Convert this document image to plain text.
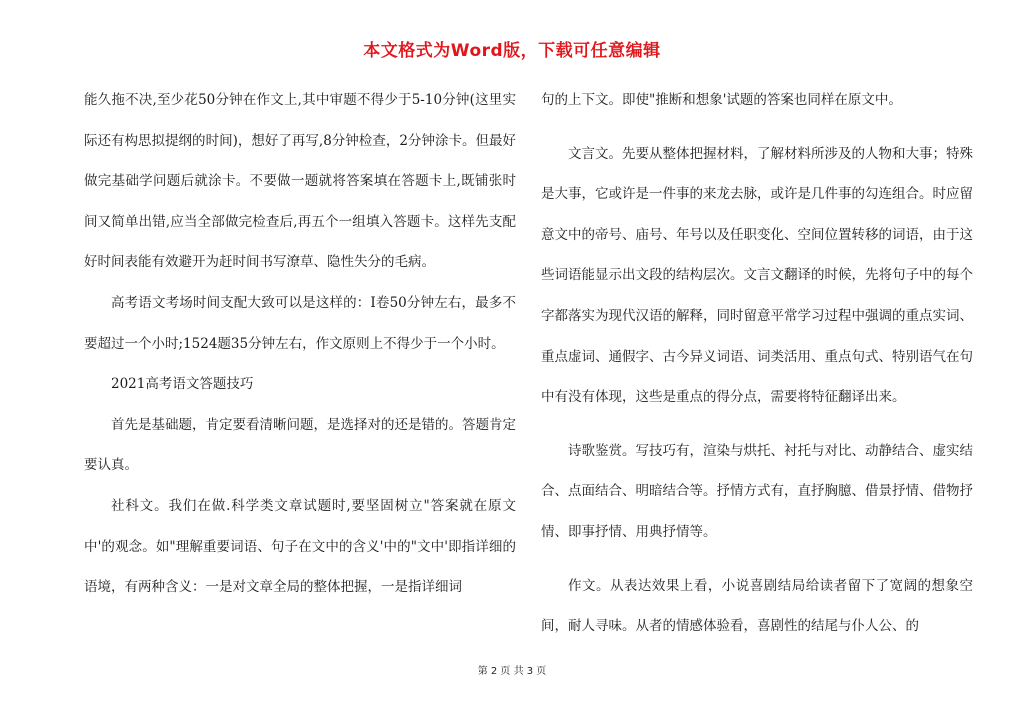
本文格式为Word版，下载可任意编辑

能久拖不决,至少花50分钟在作文上,其中审题不得少于5-10分钟(这里实际还有构思拟提纲的时间)，想好了再写,8分钟检查，2分钟涂卡。但最好做完基础学问题后就涂卡。不要做一题就将答案填在答题卡上,既铺张时间又简单出错,应当全部做完检查后,再五个一组填入答题卡。这样先支配好时间表能有效避开为赶时间书写潦草、隐性失分的毛病。

高考语文考场时间支配大致可以是这样的：Ⅰ卷50分钟左右，最多不要超过一个小时;1524题35分钟左右，作文原则上不得少于一个小时。

2021高考语文答题技巧

首先是基础题，肯定要看清晰问题，是选择对的还是错的。答题肯定要认真。

社科文。我们在做.科学类文章试题时,要坚固树立"答案就在原文中'的观念。如"理解重要词语、句子在文中的含义'中的"文中'即指详细的语境，有两种含义：一是对文章全局的整体把握，一是指详细词

句的上下文。即使"推断和想象'试题的答案也同样在原文中。

文言文。先要从整体把握材料，了解材料所涉及的人物和大事；特殊是大事，它或许是一件事的来龙去脉，或许是几件事的勾连组合。时应留意文中的帝号、庙号、年号以及任职变化、空间位置转移的词语，由于这些词语能显示出文段的结构层次。文言文翻译的时候，先将句子中的每个字都落实为现代汉语的解释，同时留意平常学习过程中强调的重点实词、重点虚词、通假字、古今异义词语、词类活用、重点句式、特别语气在句中有没有体现，这些是重点的得分点，需要将特征翻译出来。

诗歌鉴赏。写技巧有，渲染与烘托、衬托与对比、动静结合、虚实结合、点面结合、明暗结合等。抒情方式有，直抒胸臆、借景抒情、借物抒情、即事抒情、用典抒情等。

作文。从表达效果上看，小说喜剧结局给读者留下了宽阔的想象空间，耐人寻味。从者的情感体验看，喜剧性的结尾与仆人公、的

第 2 页 共 3 页
